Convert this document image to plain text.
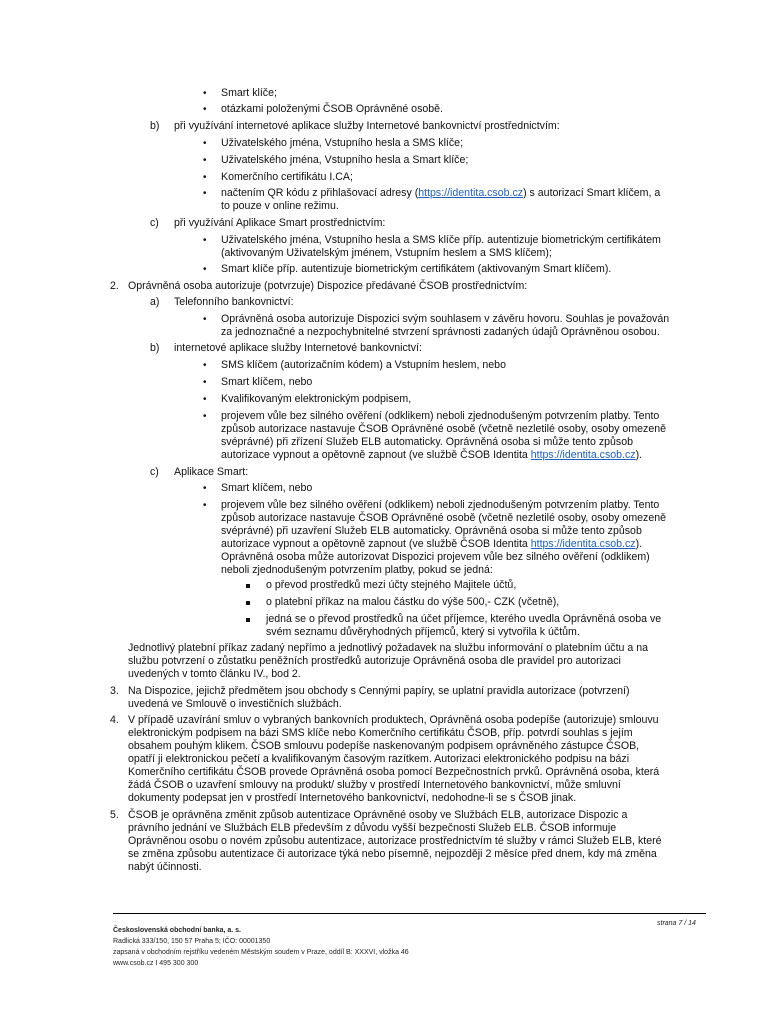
• Smart klíče;
• otázkami položenými ČSOB Oprávněné osobě.
b) při využívání internetové aplikace služby Internetové bankovnictví prostřednictvím:
• Uživatelského jména, Vstupního hesla a SMS klíče;
• Uživatelského jména, Vstupního hesla a Smart klíče;
• Komerčního certifikátu I.CA;
• načtením QR kódu z přihlašovací adresy (https://identita.csob.cz) s autorizací Smart klíčem, a
to pouze v online režimu.
c) při využívání Aplikace Smart prostřednictvím:
• Uživatelského jména, Vstupního hesla a SMS klíče příp. autentizuje biometrickým certifikátem
(aktivovaným Uživatelským jménem, Vstupním heslem a SMS klíčem);
• Smart klíče příp. autentizuje biometrickým certifikátem (aktivovaným Smart klíčem).
2. Oprávněná osoba autorizuje (potvrzuje) Dispozice předávané ČSOB prostřednictvím:
a) Telefonního bankovnictví:
• Oprávněná osoba autorizuje Dispozici svým souhlasem v závěru hovoru. Souhlas je považován
za jednoznačné a nezpochybnitelné stvrzení správnosti zadaných údajů Oprávněnou osobou.
b) internetové aplikace služby Internetové bankovnictví:
• SMS klíčem (autorizačním kódem) a Vstupním heslem, nebo
• Smart klíčem, nebo
• Kvalifikovaným elektronickým podpisem,
• projevem vůle bez silného ověření (odklikem) neboli zjednodušeným potvrzením platby. Tento
způsob autorizace nastavuje ČSOB Oprávněné osobě (včetně nezletilé osoby, osoby omezeně
svéprávné) při zřízení Služeb ELB automaticky. Oprávněná osoba si může tento způsob
autorizace vypnout a opětovně zapnout (ve službě ČSOB Identita https://identita.csob.cz).
c) Aplikace Smart:
• Smart klíčem, nebo
• projevem vůle bez silného ověření (odklikem) neboli zjednodušeným potvrzením platby. Tento
způsob autorizace nastavuje ČSOB Oprávněné osobě (včetně nezletilé osoby, osoby omezeně
svéprávné) při uzavření Služeb ELB automaticky. Oprávněná osoba si může tento způsob
autorizace vypnout a opětovně zapnout (ve službě ČSOB Identita https://identita.csob.cz).
Oprávněná osoba může autorizovat Dispozici projevem vůle bez silného ověření (odklikem)
neboli zjednodušeným potvrzením platby, pokud se jedná:
o převod prostředků mezi účty stejného Majitele účtů,
o platební příkaz na malou částku do výše 500,- CZK (včetně),
jedná se o převod prostředků na účet příjemce, kterého uvedla Oprávněná osoba ve
svém seznamu důvěryhodných příjemců, který si vytvořila k účtům.
Jednotlivý platební příkaz zadaný nepřímo a jednotlivý požadavek na službu informování o platebním účtu a na
službu potvrzení o zůstatku peněžních prostředků autorizuje Oprávněná osoba dle pravidel pro autorizaci
uvedených v tomto článku IV., bod 2.
3. Na Dispozice, jejichž předmětem jsou obchody s Cennými papíry, se uplatní pravidla autorizace (potvrzení)
uvedená ve Smlouvě o investičních službách.
4. V případě uzavírání smluv o vybraných bankovních produktech, Oprávněná osoba podepíše (autorizuje) smlouvu
elektronickým podpisem na bázi SMS klíče nebo Komerčního certifikátu ČSOB, příp. potvrdí souhlas s jejím
obsahem pouhým klikem. ČSOB smlouvu podepíše naskenovaným podpisem oprávněného zástupce ČSOB,
opatří ji elektronickou pečetí a kvalifikovaným časovým razítkem. Autorizaci elektronického podpisu na bázi
Komerčního certifikátu ČSOB provede Oprávněná osoba pomocí Bezpečnostních prvků. Oprávněná osoba, která
žádá ČSOB o uzavření smlouvy na produkt/ služby v prostředí Internetového bankovnictví, může smluvní
dokumenty podepsat jen v prostředí Internetového bankovnictví, nedohodne-li se s ČSOB jinak.
5. ČSOB je oprávněna změnit způsob autentizace Oprávněné osoby ve Službách ELB, autorizace Dispozic a
právního jednání ve Službách ELB především z důvodu vyšší bezpečnosti Služeb ELB. ČSOB informuje
Oprávněnou osobu o novém způsobu autentizace, autorizace prostřednictvím té služby v rámci Služeb ELB, které
se změna způsobu autentizace či autorizace týká nebo písemně, nejpozději 2 měsíce před dnem, kdy má změna
nabýt účinnosti.
strana 7 / 14
Československá obchodní banka, a. s.
Radlická 333/150, 150 57 Praha 5; IČO: 00001350
zapsaná v obchodním rejstříku vedeném Městským soudem v Praze, oddíl B: XXXVI, vložka 46
www.csob.cz I 495 300 300
